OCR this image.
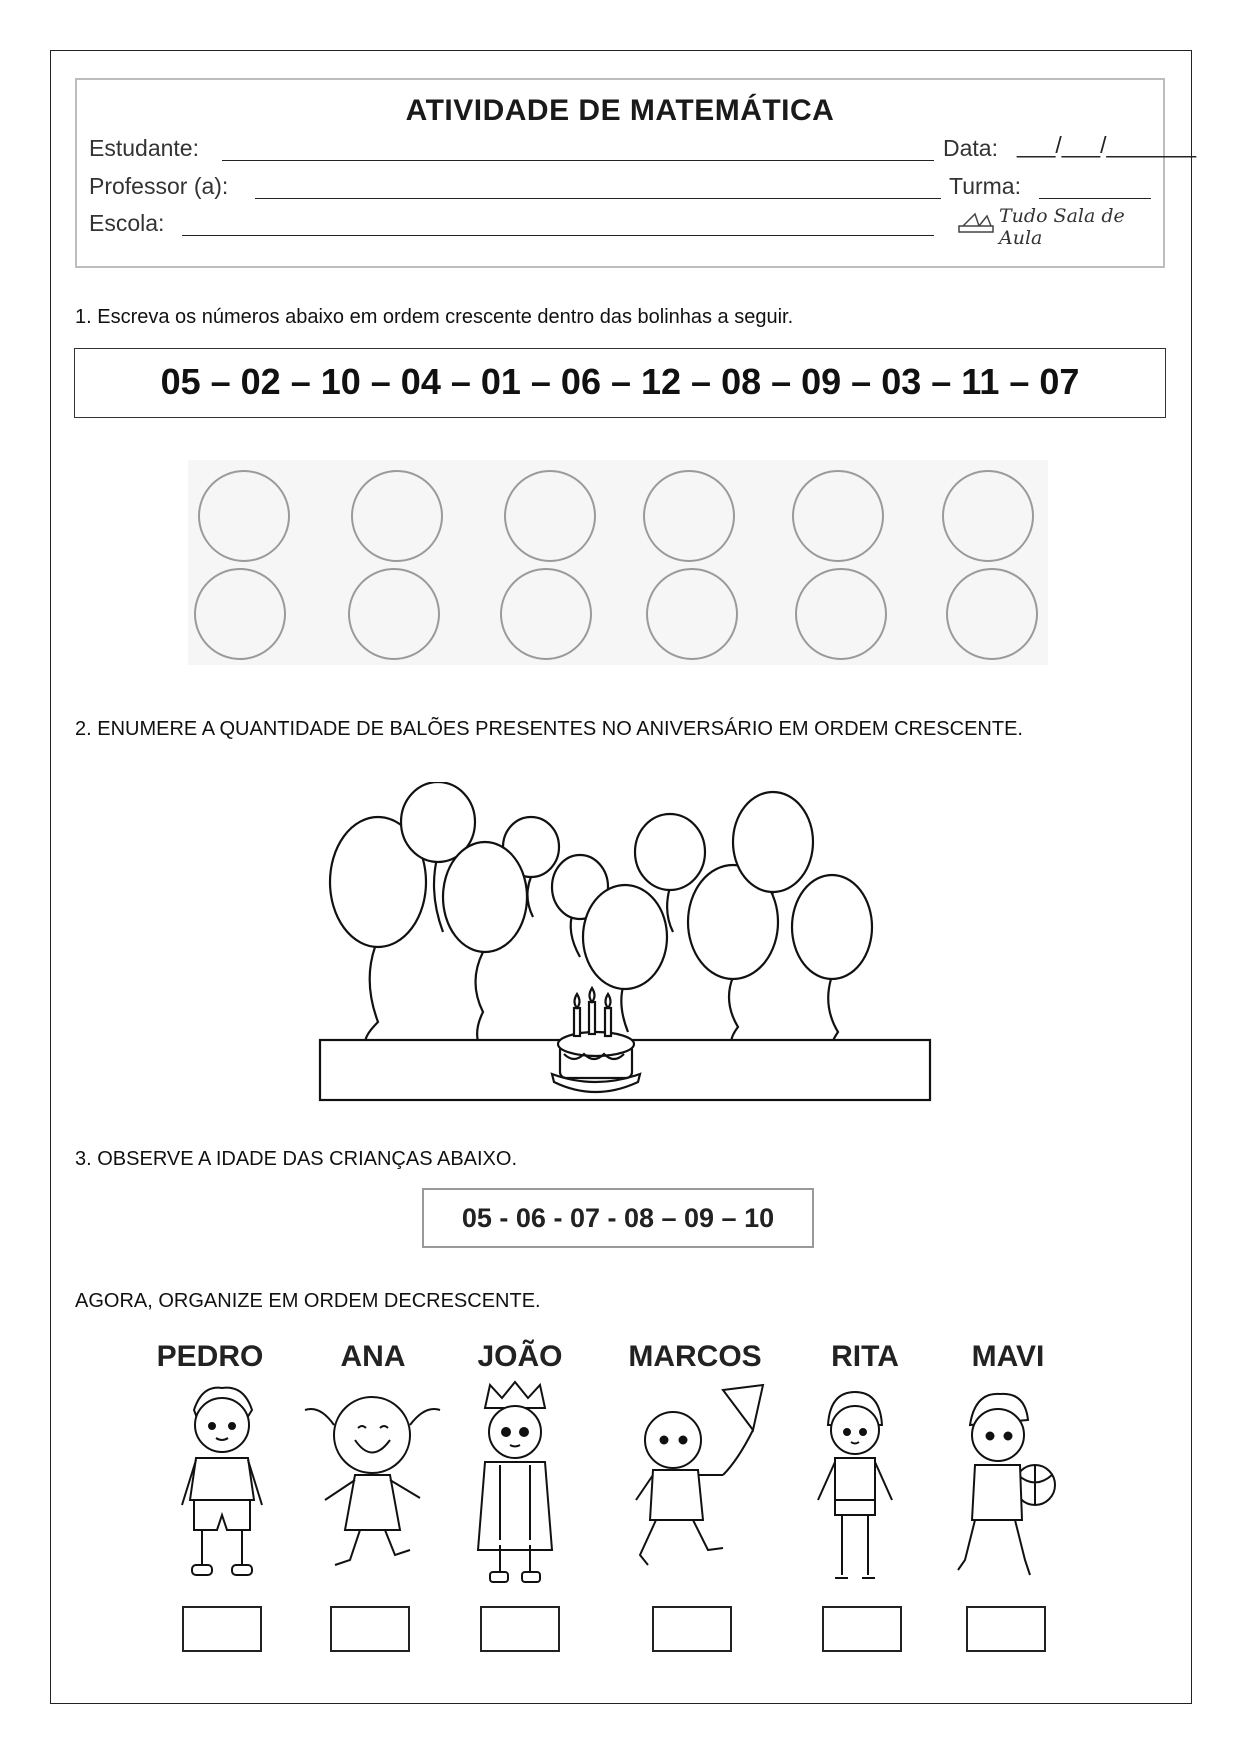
ATIVIDADE DE MATEMÁTICA
Estudante:	Data: ___/___/_______
Professor (a):	Turma:
Escola:	Tudo Sala de Aula
1. Escreva os números abaixo em ordem crescente dentro das bolinhas a seguir.
05 – 02 – 10 – 04 – 01 – 06 – 12 – 08 – 09 – 03 – 11 – 07
2. ENUMERE A QUANTIDADE DE BALÕES PRESENTES NO ANIVERSÁRIO EM ORDEM CRESCENTE.
3. OBSERVE A IDADE DAS CRIANÇAS ABAIXO.
05 - 06 - 07 - 08 – 09 – 10
AGORA, ORGANIZE EM ORDEM DECRESCENTE.
PEDRO	ANA	JOÃO	MARCOS	RITA	MAVI
